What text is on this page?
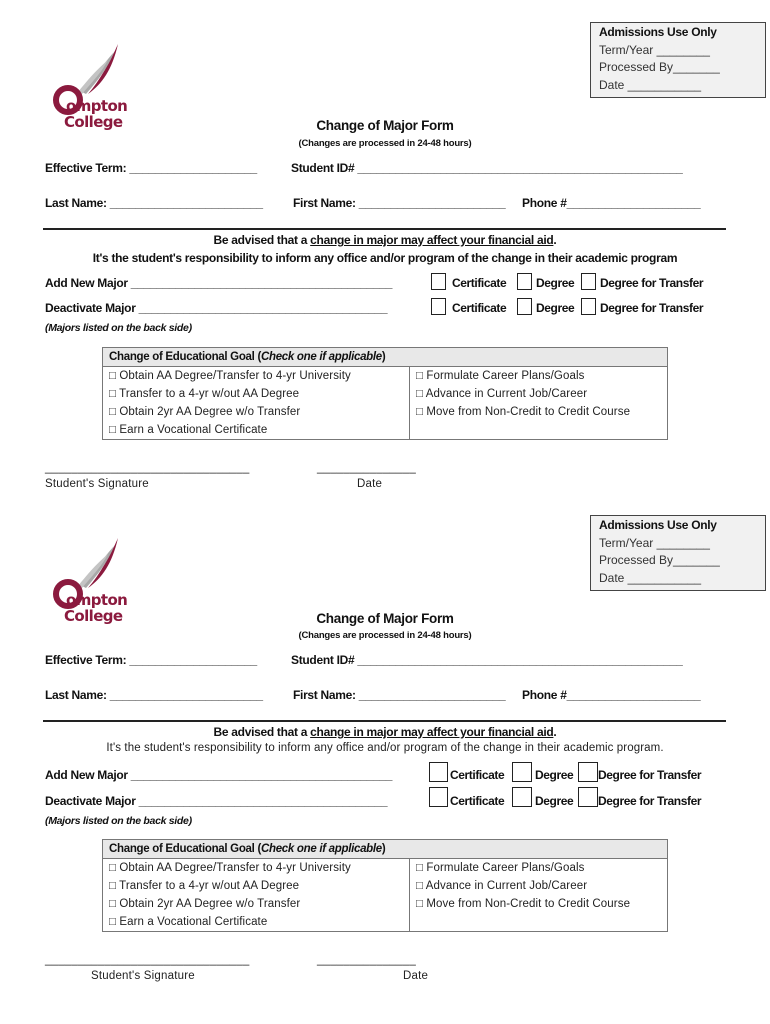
Admissions Use Only
Term/Year ________
Processed By_______
Date ___________
ompton
College	Change of Major Form
(Changes are processed in 24-48 hours)
Effective Term: ____________________	Student ID# ___________________________________________________
Last Name: ________________________	First Name: _______________________ Phone #_____________________
Be advised that a change in major may affect your financial aid.
It's the student's responsibility to inform any office and/or program of the change in their academic program
Add New Major _________________________________________	Certificate Degree Degree for Transfer
Deactivate Major _______________________________________	Certificate Degree Degree for Transfer
(Majors listed on the back side)
Change of Educational Goal (Check one if applicable)	
□ Obtain AA Degree/Transfer to 4-yr University	□ Formulate Career Plans/Goals
□ Transfer to a 4-yr w/out AA Degree	□ Advance in Current Job/Career
□ Obtain 2yr AA Degree w/o Transfer	□ Move from Non-Credit to Credit Course
□ Earn a Vocational Certificate	
_______________________________	_______________
Student's Signature	Date
Admissions Use Only
Term/Year ________
Processed By_______
Date ___________
ompton
College	Change of Major Form
(Changes are processed in 24-48 hours)
Effective Term: ____________________	Student ID# ___________________________________________________
Last Name: ________________________	First Name: _______________________ Phone #_____________________
Be advised that a change in major may affect your financial aid.
It's the student's responsibility to inform any office and/or program of the change in their academic program.
Add New Major _________________________________________	Certificate	Degree Degree for Transfer
Deactivate Major _______________________________________	Certificate	Degree Degree for Transfer
(Majors listed on the back side)
Change of Educational Goal (Check one if applicable)	
□ Obtain AA Degree/Transfer to 4-yr University	□ Formulate Career Plans/Goals
□ Transfer to a 4-yr w/out AA Degree	□ Advance in Current Job/Career
□ Obtain 2yr AA Degree w/o Transfer	□ Move from Non-Credit to Credit Course
□ Earn a Vocational Certificate	
_______________________________	_______________
Student's Signature	Date
